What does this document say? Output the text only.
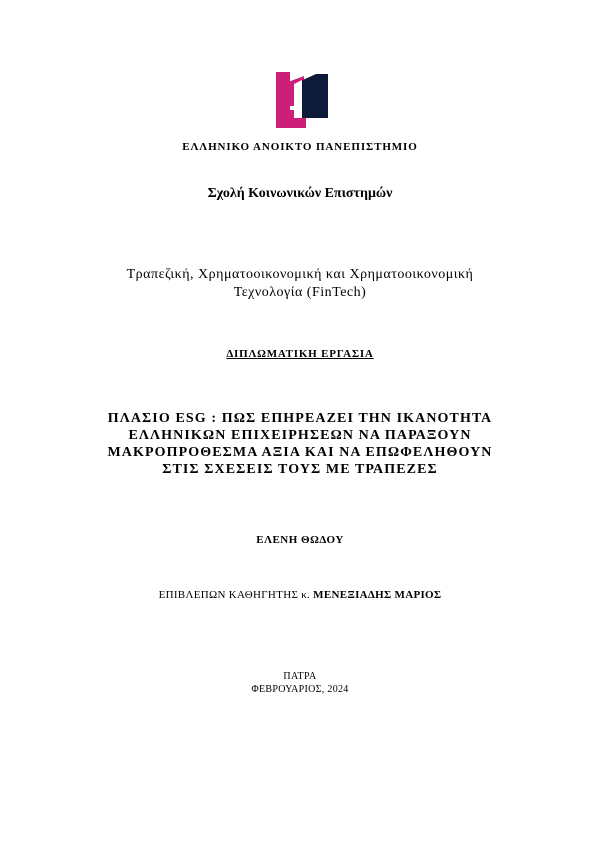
ΕΛΛΗΝΙΚΟ ΑΝΟΙΚΤΟ ΠΑΝΕΠΙΣΤΗΜΙΟ
Σχολή Κοινωνικών Επιστημών
Τραπεζική, Χρηματοοικονομική και Χρηματοοικονομική
Τεχνολογία (FinTech)
ΔΙΠΛΩΜΑΤΙΚΗ ΕΡΓΑΣΙΑ
ΠΛΑΣΙΟ ESG : ΠΩΣ ΕΠΗΡΕΑΖΕΙ ΤΗΝ ΙΚΑΝΟΤΗΤΑ
ΕΛΛΗΝΙΚΩΝ ΕΠΙΧΕΙΡΗΣΕΩΝ ΝΑ ΠΑΡΑΞΟΥΝ
ΜΑΚΡΟΠΡΟΘΕΣΜΑ ΑΞΙΑ ΚΑΙ ΝΑ ΕΠΩΦΕΛΗΘΟΥΝ
ΣΤΙΣ ΣΧΕΣΕΙΣ ΤΟΥΣ ΜΕ ΤΡΑΠΕΖΕΣ
ΕΛΕΝΗ ΘΩΔΟΥ
ΕΠΙΒΛΕΠΩΝ ΚΑΘΗΓΗΤΗΣ κ. ΜΕΝΕΞΙΑΔΗΣ ΜΑΡΙΟΣ
ΠΑΤΡΑ
ΦΕΒΡΟΥΑΡΙΟΣ, 2024
